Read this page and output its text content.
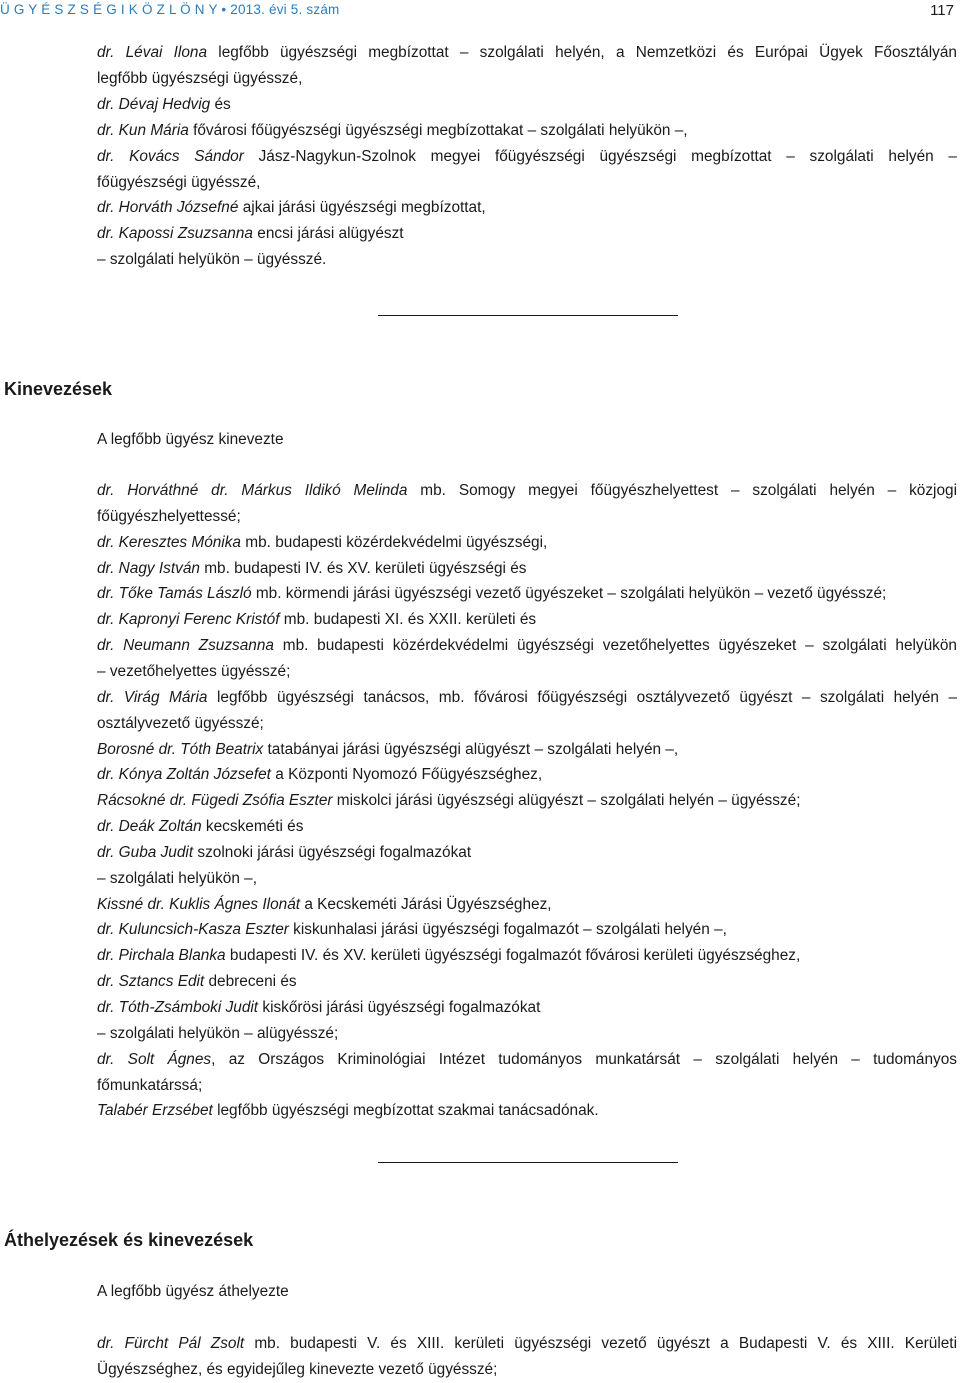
Ü G Y É S Z S É G I K Ö Z L Ö N Y • 2013. évi 5. szám	117
dr. Lévai Ilona legfőbb ügyészségi megbízottat – szolgálati helyén, a Nemzetközi és Európai Ügyek Főosztályán
legfőbb ügyészségi ügyésszé,
dr. Dévaj Hedvig és
dr. Kun Mária fővárosi főügyészségi ügyészségi megbízottakat – szolgálati helyükön –,
dr. Kovács Sándor Jász-Nagykun-Szolnok megyei főügyészségi ügyészségi megbízottat – szolgálati helyén –
főügyészségi ügyésszé,
dr. Horváth Józsefné ajkai járási ügyészségi megbízottat,
dr. Kapossi Zsuzsanna encsi járási alügyészt
– szolgálati helyükön – ügyésszé.
Kinevezések
A legfőbb ügyész kinevezte
dr. Horváthné dr. Márkus Ildikó Melinda mb. Somogy megyei főügyészhelyettest – szolgálati helyén – közjogi
főügyészhelyettessé;
dr. Keresztes Mónika mb. budapesti közérdekvédelmi ügyészségi,
dr. Nagy István mb. budapesti IV. és XV. kerületi ügyészségi és
dr. Tőke Tamás László mb. körmendi járási ügyészségi vezető ügyészeket – szolgálati helyükön – vezető ügyésszé;
dr. Kapronyi Ferenc Kristóf mb. budapesti XI. és XXII. kerületi és
dr. Neumann Zsuzsanna mb. budapesti közérdekvédelmi ügyészségi vezetőhelyettes ügyészeket – szolgálati helyükön
– vezetőhelyettes ügyésszé;
dr. Virág Mária legfőbb ügyészségi tanácsos, mb. fővárosi főügyészségi osztályvezető ügyészt – szolgálati helyén –
osztályvezető ügyésszé;
Borosné dr. Tóth Beatrix tatabányai járási ügyészségi alügyészt – szolgálati helyén –,
dr. Kónya Zoltán Józsefet a Központi Nyomozó Főügyészséghez,
Rácsokné dr. Fügedi Zsófia Eszter miskolci járási ügyészségi alügyészt – szolgálati helyén – ügyésszé;
dr. Deák Zoltán kecskeméti és
dr. Guba Judit szolnoki járási ügyészségi fogalmazókat
– szolgálati helyükön –,
Kissné dr. Kuklis Ágnes Ilonát a Kecskeméti Járási Ügyészséghez,
dr. Kuluncsich-Kasza Eszter kiskunhalasi járási ügyészségi fogalmazót – szolgálati helyén –,
dr. Pirchala Blanka budapesti IV. és XV. kerületi ügyészségi fogalmazót fővárosi kerületi ügyészséghez,
dr. Sztancs Edit debreceni és
dr. Tóth-Zsámboki Judit kiskőrösi járási ügyészségi fogalmazókat
– szolgálati helyükön – alügyésszé;
dr. Solt Ágnes, az Országos Kriminológiai Intézet tudományos munkatársát – szolgálati helyén – tudományos
főmunkatárssá;
Talabér Erzsébet legfőbb ügyészségi megbízottat szakmai tanácsadónak.
Áthelyezések és kinevezések
A legfőbb ügyész áthelyezte
dr. Fürcht Pál Zsolt mb. budapesti V. és XIII. kerületi ügyészségi vezető ügyészt a Budapesti V. és XIII. Kerületi
Ügyészséghez, és egyidejűleg kinevezte vezető ügyésszé;
